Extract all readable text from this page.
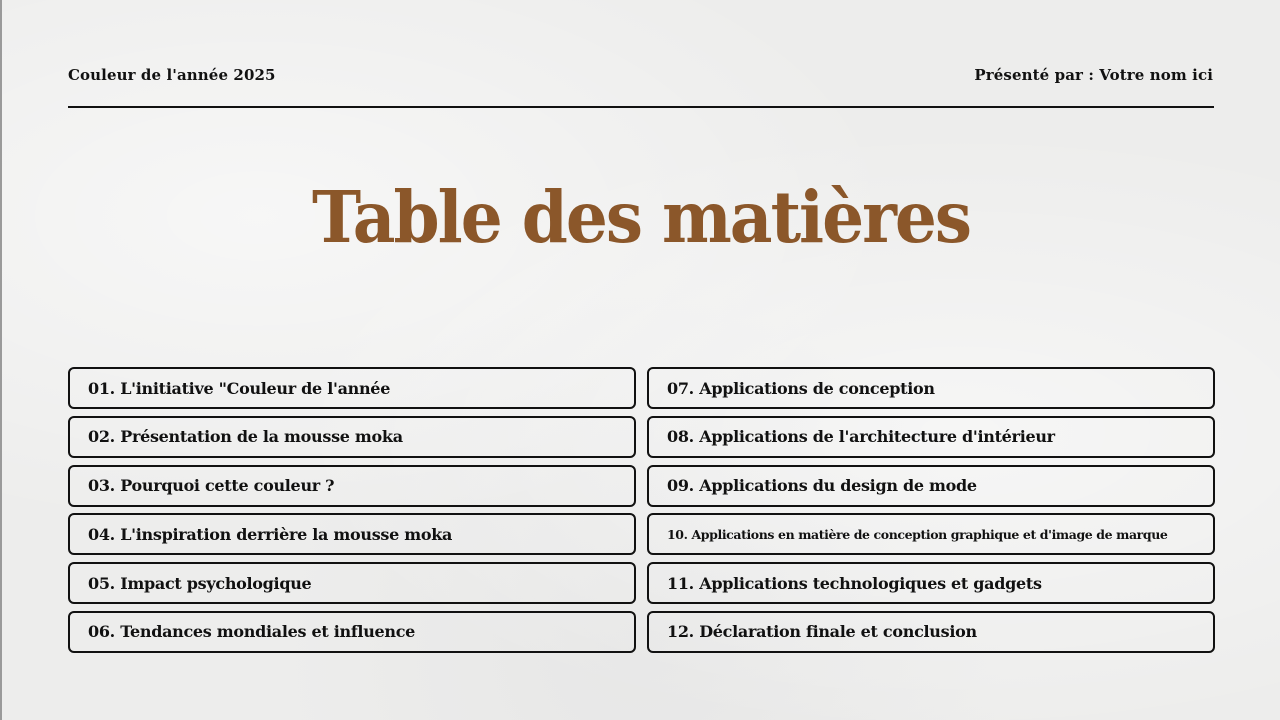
Couleur de l'année 2025	Présenté par : Votre nom ici
Table des matières
01. L'initiative "Couleur de l'année
02. Présentation de la mousse moka
03. Pourquoi cette couleur ?
04. L'inspiration derrière la mousse moka
05. Impact psychologique
06. Tendances mondiales et influence
07. Applications de conception
08. Applications de l'architecture d'intérieur
09. Applications du design de mode
10. Applications en matière de conception graphique et d'image de marque
11. Applications technologiques et gadgets
12. Déclaration finale et conclusion
